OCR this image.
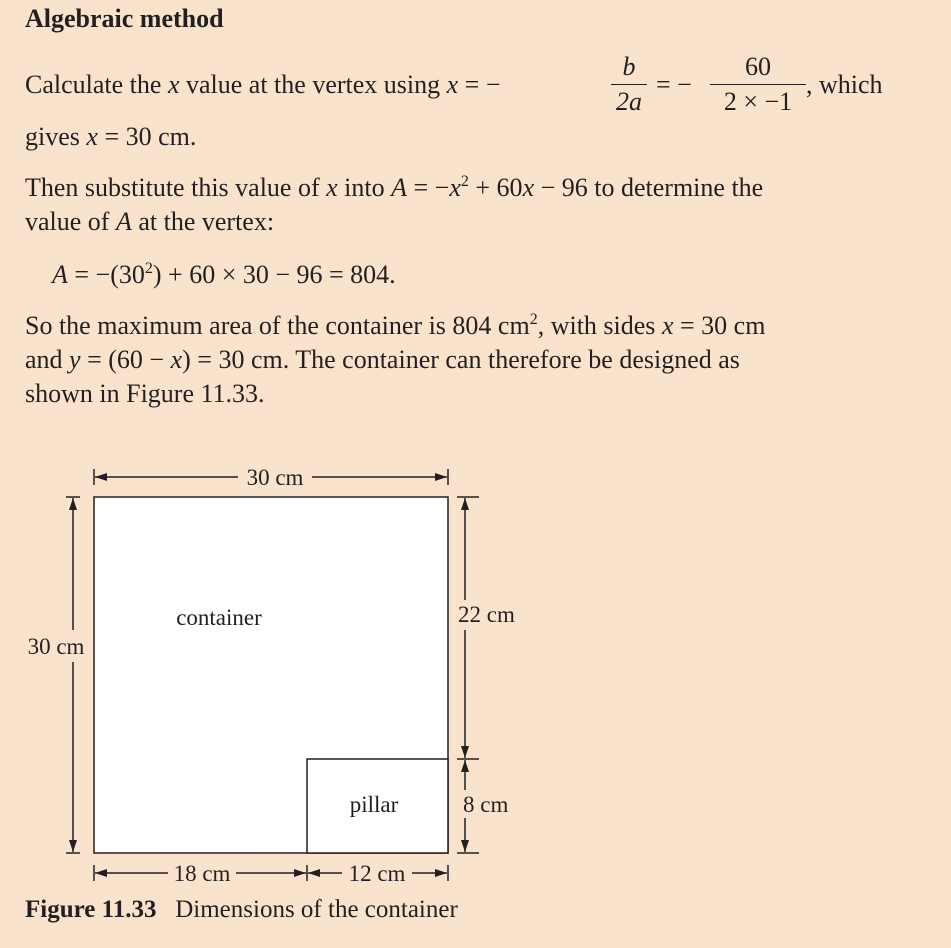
Algebraic method
Calculate the x value at the vertex using x = −
b
2a
= −
60
2 × −1
, which
gives x = 30 cm.
Then substitute this value of x into $A = -x^2 + 60x - 96$ to determine the
value of A at the vertex:
$A = -(30^2) + 60 \times 30 - 96 = 804$.
So the maximum area of the container is 804 $cm^2$, with sides x = 30 cm
and y = (60 − x) = 30 cm. The container can therefore be designed as
shown in Figure 11.33.
30 cm
30 cm
container
pillar
22 cm
8 cm
18 cm	12 cm
Figure 11.33 Dimensions of the container
